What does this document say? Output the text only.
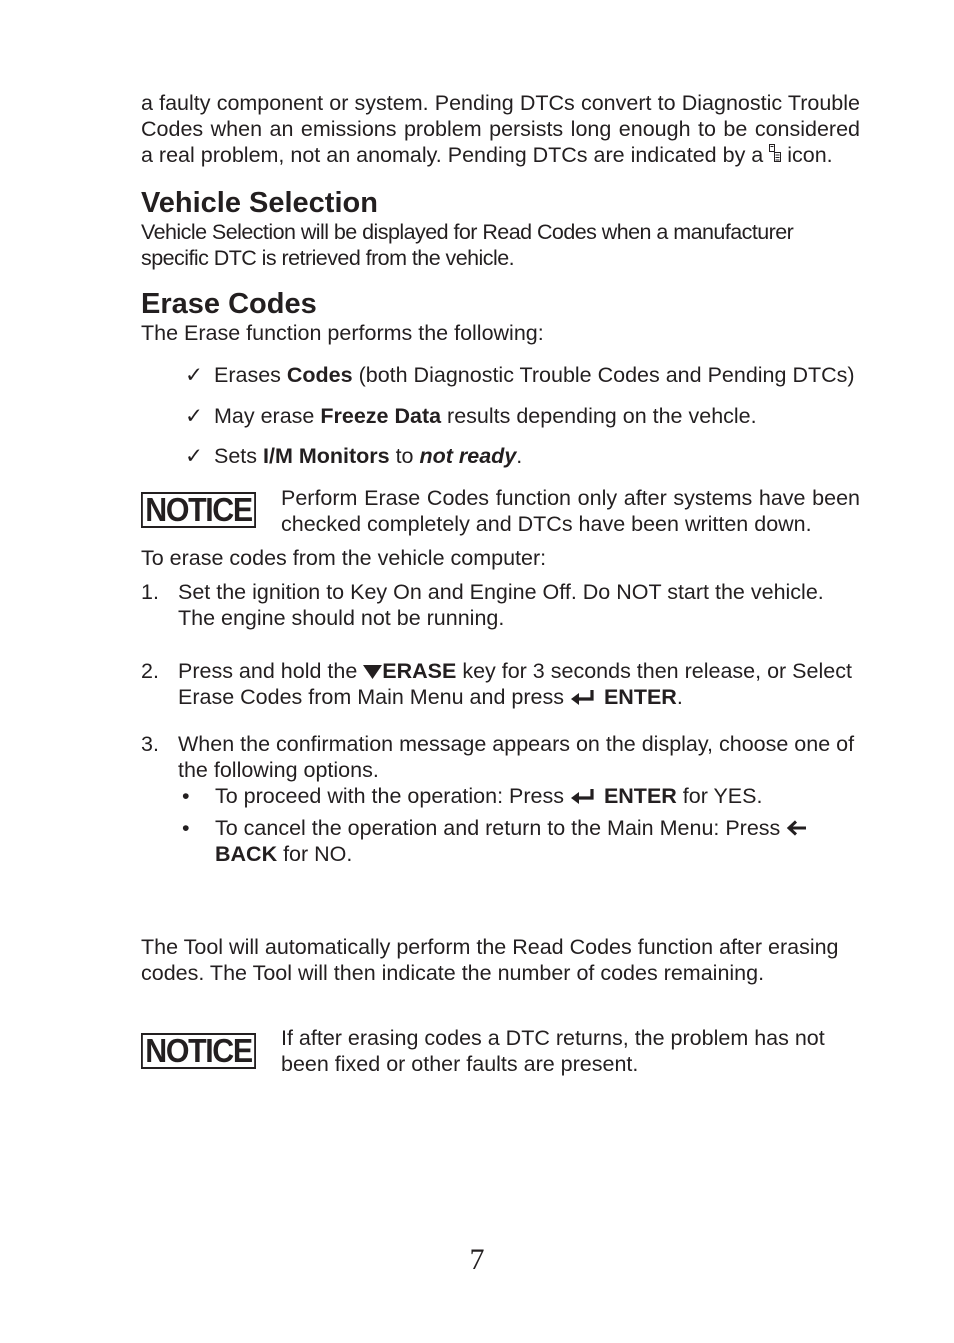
a faulty component or system. Pending DTCs convert to Diagnostic Trouble Codes when an emissions problem persists long enough to be considered a real problem, not an anomaly. Pending DTCs are indicated by a icon.

Vehicle Selection

Vehicle Selection will be displayed for Read Codes when a manufacturer specific DTC is retrieved from the vehicle.

Erase Codes

The Erase function performs the following:

✓ Erases Codes (both Diagnostic Trouble Codes and Pending DTCs)
✓ May erase Freeze Data results depending on the vehcle.
✓ Sets I/M Monitors to not ready.
NOTICE Perform Erase Codes function only after systems have been checked completely and DTCs have been written down.

To erase codes from the vehicle computer:

1. Set the ignition to Key On and Engine Off. Do NOT start the vehicle. The engine should not be running.
2. Press and hold the ERASE key for 3 seconds then release, or Select Erase Codes from Main Menu and press  ENTER.
3. When the confirmation message appears on the display, choose one of the following options.
• To proceed with the operation: Press  ENTER for YES.
• To cancel the operation and return to the Main Menu: Press BACK for NO.

The Tool will automatically perform the Read Codes function after erasing codes. The Tool will then indicate the number of codes remaining.

NOTICE If after erasing codes a DTC returns, the problem has not been fixed or other faults are present.
7
